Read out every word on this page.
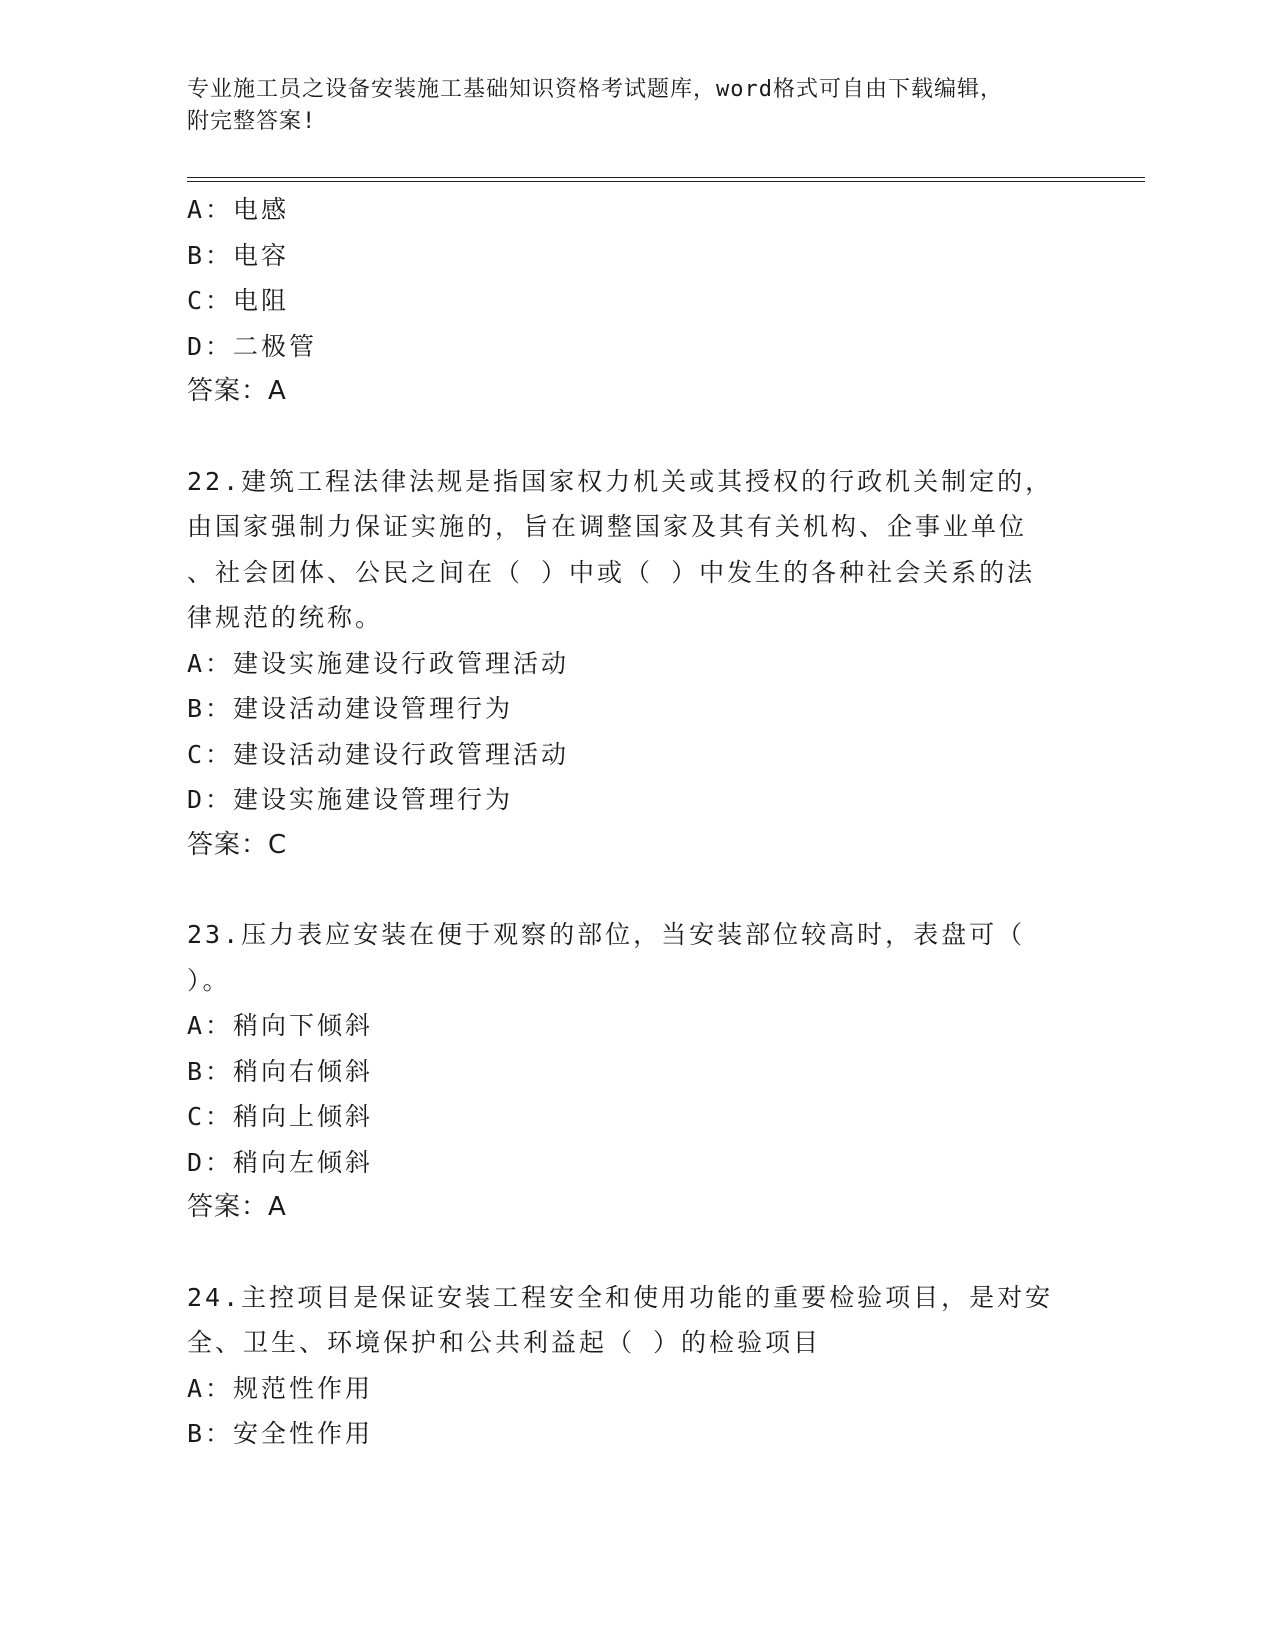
专业施工员之设备安装施工基础知识资格考试题库，word格式可自由下载编辑，
附完整答案!
A：电感
B：电容
C：电阻
D：二极管
答案：A
22.建筑工程法律法规是指国家权力机关或其授权的行政机关制定的，
由国家强制力保证实施的，旨在调整国家及其有关机构、企事业单位
、社会团体、公民之间在（ ）中或（ ）中发生的各种社会关系的法
律规范的统称。
A：建设实施建设行政管理活动
B：建设活动建设管理行为
C：建设活动建设行政管理活动
D：建设实施建设管理行为
答案：C
23.压力表应安装在便于观察的部位，当安装部位较高时，表盘可（
）。
A：稍向下倾斜
B：稍向右倾斜
C：稍向上倾斜
D：稍向左倾斜
答案：A
24.主控项目是保证安装工程安全和使用功能的重要检验项目，是对安
全、卫生、环境保护和公共利益起（ ）的检验项目
A：规范性作用
B：安全性作用
